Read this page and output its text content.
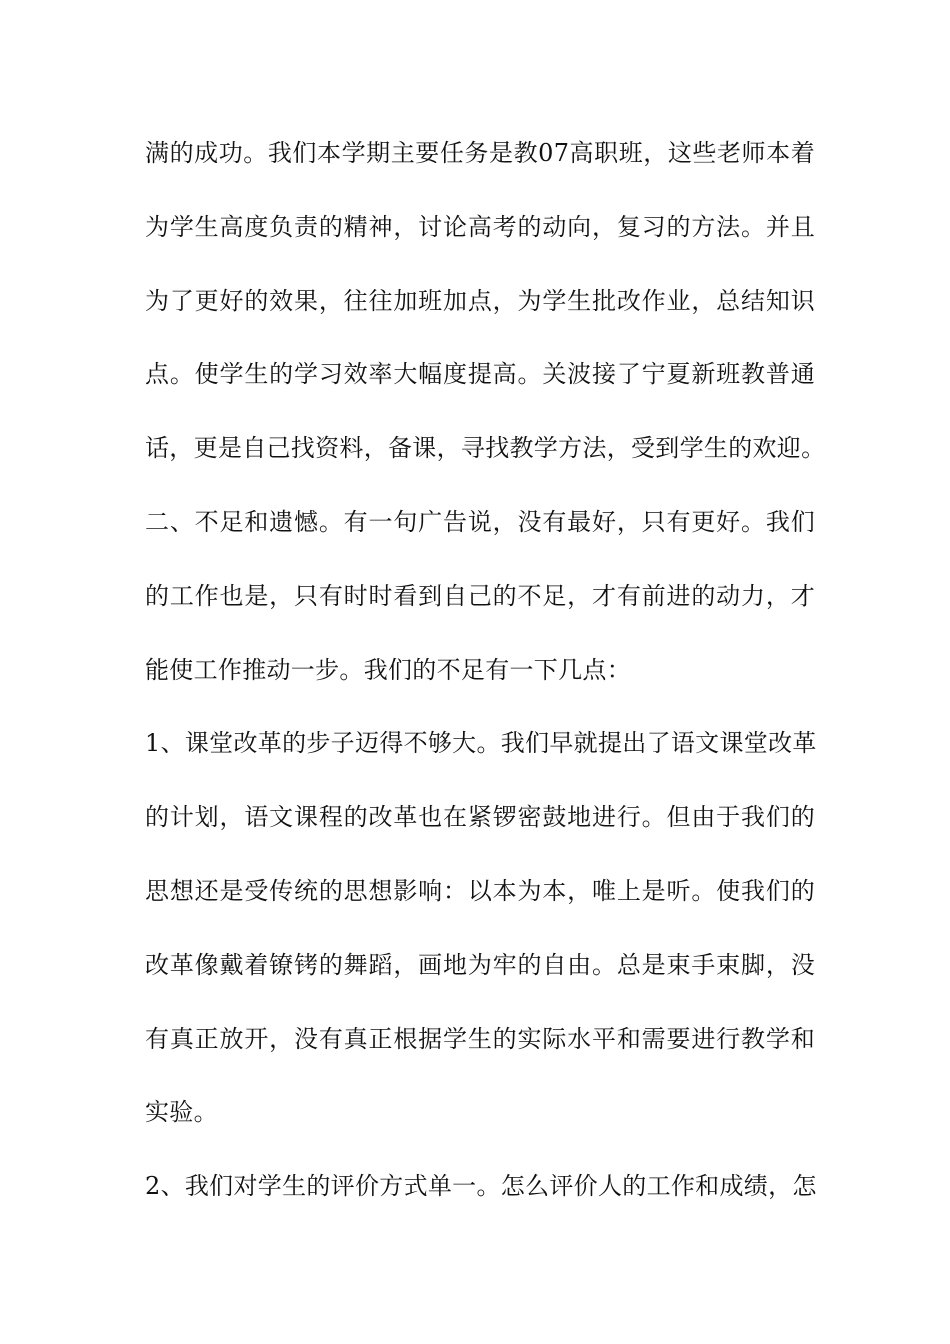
满的成功。我们本学期主要任务是教07高职班，这些老师本着
为学生高度负责的精神，讨论高考的动向，复习的方法。并且
为了更好的效果，往往加班加点，为学生批改作业，总结知识
点。使学生的学习效率大幅度提高。关波接了宁夏新班教普通
话，更是自己找资料，备课，寻找教学方法，受到学生的欢迎。
二、不足和遗憾。有一句广告说，没有最好，只有更好。我们
的工作也是，只有时时看到自己的不足，才有前进的动力，才
能使工作推动一步。我们的不足有一下几点：
1、课堂改革的步子迈得不够大。我们早就提出了语文课堂改革
的计划，语文课程的改革也在紧锣密鼓地进行。但由于我们的
思想还是受传统的思想影响：以本为本，唯上是听。使我们的
改革像戴着镣铐的舞蹈，画地为牢的自由。总是束手束脚，没
有真正放开，没有真正根据学生的实际水平和需要进行教学和
实验。
2、我们对学生的评价方式单一。怎么评价人的工作和成绩，怎
